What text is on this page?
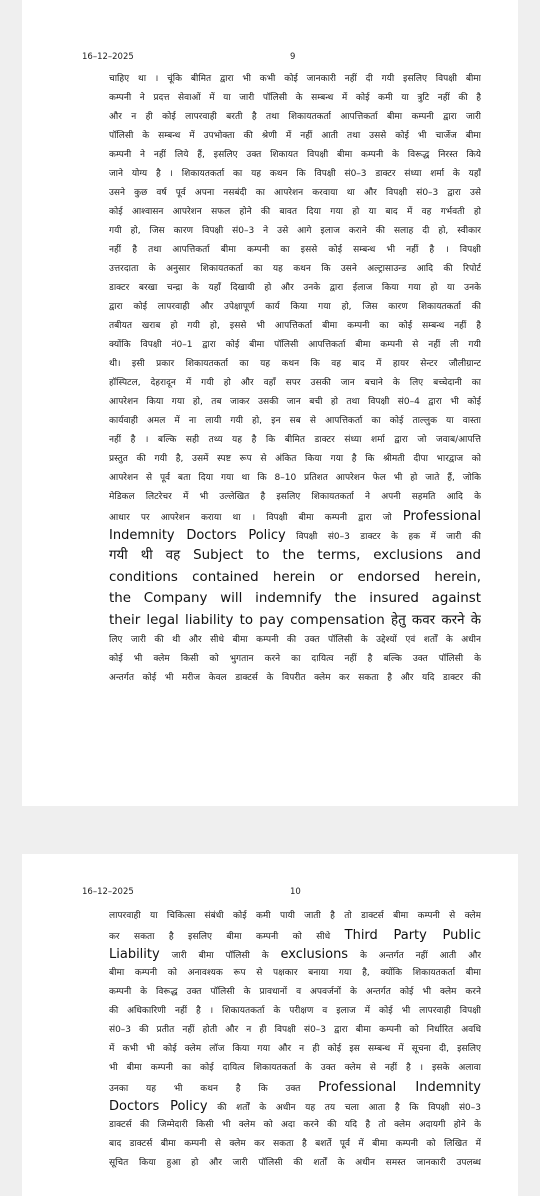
16–12–2025	9
चाहिए था । चूंकि बीमित द्वारा भी कभी कोई जानकारी नहीं दी गयी इसलिए विपक्षी बीमा
कम्पनी ने प्रदत्त सेवाओं में या जारी पॉलिसी के सम्बन्ध में कोई कमी या त्रुटि नहीं की है
और न ही कोई लापरवाही बरती है तथा शिकायतकर्ता आपत्तिकर्ता बीमा कम्पनी द्वारा जारी
पॉलिसी के सम्बन्ध में उपभोक्ता की श्रेणी में नहीं आती तथा उससे कोई भी चार्जेज बीमा
कम्पनी ने नहीं लिये हैं, इसलिए उक्त शिकायत विपक्षी बीमा कम्पनी के विरूद्ध निरस्त किये
जाने योग्य है । शिकायतकर्ता का यह कथन कि विपक्षी सं0–3 डाक्टर संध्या शर्मा के यहॉं
उसने कुछ वर्ष पूर्व अपना नसबंदी का आपरेशन करवाया था और विपक्षी सं0–3 द्वारा उसे
कोई आश्वासन आपरेशन सफल होने की बावत दिया गया हो या बाद में वह गर्भवती हो
गयी हो, जिस कारण विपक्षी सं0–3 ने उसे आगे इलाज कराने की सलाह दी हो, स्वीकार
नहीं है तथा आपत्तिकर्ता बीमा कम्पनी का इससे कोई सम्बन्ध भी नहीं है । विपक्षी
उत्तरदाता के अनुसार शिकायतकर्ता का यह कथन कि उसने अल्ट्रासाउन्ड आदि की रिपोर्ट
डाक्टर बरखा चन्द्रा के यहॉं दिखायी हो और उनके द्वारा ईलाज किया गया हो या उनके
द्वारा कोई लापरवाही और उपेक्षापूर्ण कार्य किया गया हो, जिस कारण शिकायतकर्ता की
तबीयत खराब हो गयी हो, इससे भी आपत्तिकर्ता बीमा कम्पनी का कोई सम्बन्ध नहीं है
क्योंकि विपक्षी नं0–1 द्वारा कोई बीमा पॉलिसी आपत्तिकर्ता बीमा कम्पनी से नहीं ली गयी
थी। इसी प्रकार शिकायतकर्ता का यह कथन कि वह बाद में हायर सेन्टर जौलीग्रान्ट
हॉस्पिटल, देहरादून में गयी हो और वहॉं सपर उसकी जान बचाने के लिए बच्चेदानी का
आपरेशन किया गया हो, तब जाकर उसकी जान बची हो तथा विपक्षी सं0–4 द्वारा भी कोई
कार्यवाही अमल में ना लायी गयी हो, इन सब से आपत्तिकर्ता का कोई ताल्लुक या वास्ता
नहीं है । बल्कि सही तथ्य यह है कि बीमित डाक्टर संध्या शर्मा द्वारा जो जवाब/आपत्ति
प्रस्तुत की गयी है, उसमें स्पष्ट रूप से अंकित किया गया है कि श्रीमती दीपा भारद्वाज को
आपरेशन से पूर्व बता दिया गया था कि 8–10 प्रतिशत आपरेशन फेल भी हो जाते हैं, जोकि
मेडिकल लिटरेचर में भी उल्लेखित है इसलिए शिकायतकर्ता ने अपनी सहमति आदि के
आधार पर आपरेशन कराया था । विपक्षी बीमा कम्पनी द्वारा जो Professional
Indemnity Doctors Policy विपक्षी सं0–3 डाक्टर के हक में जारी की
गयी थी वह Subject to the terms, exclusions and
conditions contained herein or endorsed herein,
the Company will indemnify the insured against
their legal liability to pay compensation हेतु कवर करने के
लिए जारी की थी और सीधे बीमा कम्पनी की उक्त पॉलिसी के उद्देश्यों एवं शर्तों के अधीन
कोई भी क्लेम किसी को भुगतान करने का दायित्व नहीं है बल्कि उक्त पॉलिसी के
अन्तर्गत कोई भी मरीज केवल डाक्टर्स के विपरीत क्लेम कर सकता है और यदि डाक्टर की
16–12–2025	10
लापरवाही या चिकित्सा संबंधी कोई कमी पायी जाती है तो डाक्टर्स बीमा कम्पनी से क्लेम
कर सकता है इसलिए बीमा कम्पनी को सीधे Third Party Public
Liability जारी बीमा पॉलिसी के exclusions के अन्तर्गत नहीं आती और
बीमा कम्पनी को अनावश्यक रूप से पक्षकार बनाया गया है, क्योंकि शिकायतकर्ता बीमा
कम्पनी के विरूद्ध उक्त पॉलिसी के प्रावधानों व अपवर्जनों के अन्तर्गत कोई भी क्लेम करने
की अधिकारिणी नहीं है । शिकायतकर्ता के परीक्षण व इलाज में कोई भी लापरवाही विपक्षी
सं0–3 की प्रतीत नहीं होती और न ही विपक्षी सं0–3 द्वारा बीमा कम्पनी को निर्धारित अवधि
में कभी भी कोई क्लेम लॉज किया गया और न ही कोई इस सम्बन्ध में सूचना दी, इसलिए
भी बीमा कम्पनी का कोई दायित्व शिकायतकर्ता के उक्त क्लेम से नहीं है । इसके अलावा
उनका यह भी कथन है कि उक्त Professional Indemnity
Doctors Policy की शर्तों के अधीन यह तय चला आता है कि विपक्षी सं0–3
डाक्टर्स की जिम्मेदारी किसी भी क्लेम को अदा करने की यदि है तो क्लेम अदायगी होने के
बाद डाक्टर्स बीमा कम्पनी से क्लेम कर सकता है बशर्ते पूर्व में बीमा कम्पनी को लिखित में
सूचित किया हुआ हो और जारी पॉलिसी की शर्तों के अधीन समस्त जानकारी उपलब्ध
